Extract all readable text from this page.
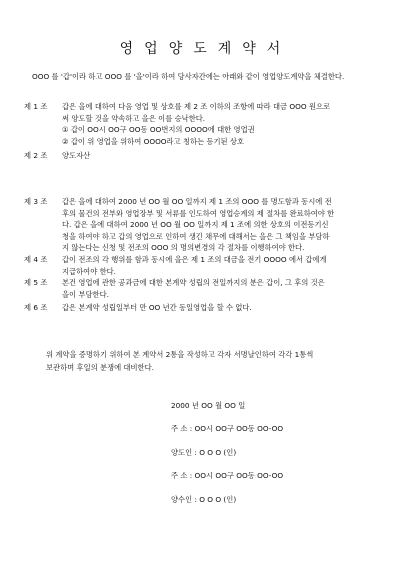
영업양도계약서

OOO 를 '갑'이라 하고 OOO 를 '을'이라 하여 당사자간에는 아래와 같이 영업양도계약을 체결한다.

제 1 조	갑은 을에 대하여 다음 영업 및 상호를 제 2 조 이하의 조항에 따라 대금 OOO 원으로
써 양도할 것을 약속하고 을은 이를 승낙한다.
① 갑이 OO시 OO구 OO동 OO번지의 OOOO에 대한 영업권
② 갑이 위 영업을 위하여 OOOO라고 칭하는 등기된 상호
제 2 조	양도자산
제 3 조	갑은 을에 대하여 2000 년 OO 월 OO 일까지 제 1 조의 OOO 를 명도함과 동시에 전
후의 물건의 전부와 영업장부 및 서류를 인도하여 영업승계의 제 절차를 완료하여야 한
다. 갑은 을에 대하여 2000 년 OO 월 OO 일까지 제 1 조에 의한 상호의 이전등기신
청을 하여야 하고 갑의 영업으로 인하여 생긴 채무에 대해서는 을은 그 책임을 부담하
지 않는다는 신청 및 전조의 OOO 의 명의변경의 각 절차를 이행하여야 한다.
제 4 조	갑이 전조의 각 행위를 함과 동시에 을은 제 1 조의 대금을 전기 OOOO 에서 갑에게
지급하여야 한다.
제 5 조	본건 영업에 관한 공과금에 대한 본계약 성립의 전일까지의 분은 갑이, 그 후의 것은
을이 부담한다.
제 6 조	갑은 본계약 성립일부터 만 OO 년간 동일영업을 할 수 없다.
위 계약을 증명하기 위하여 본 계약서 2통을 작성하고 각자 서명날인하여 각각 1통씩
보관하며 후일의 분쟁에 대비한다.
2000 년 OO 월 OO 일
주 소 : OO시 OO구 OO동 OO-OO
양도인 : O O O (인)
주 소 : OO시 OO구 OO동 OO-OO
양수인 : O O O (인)
